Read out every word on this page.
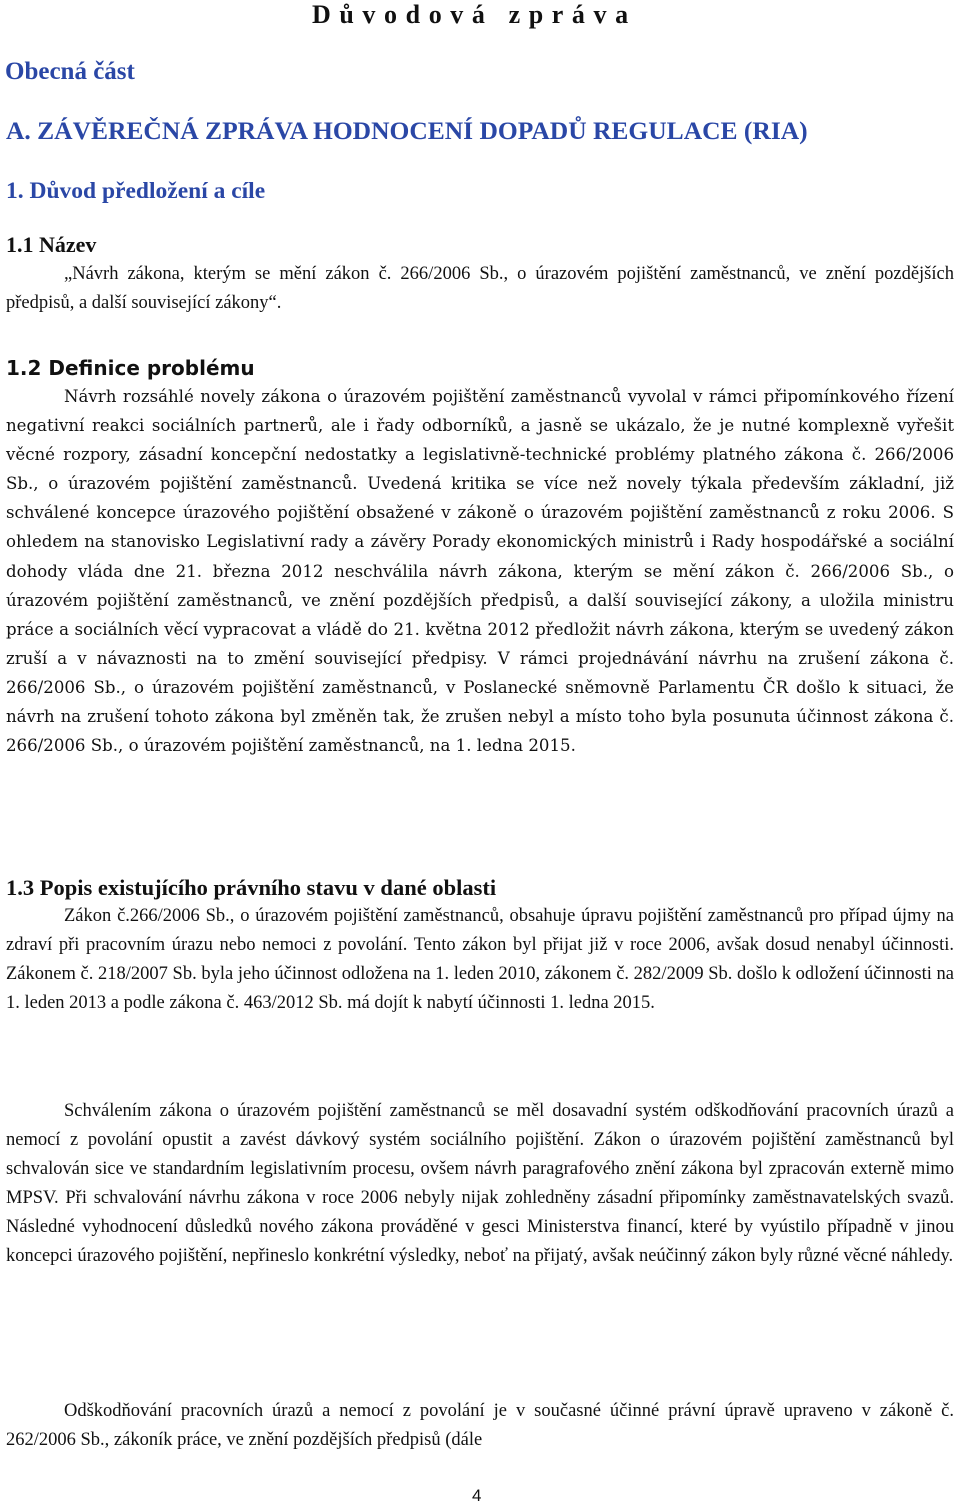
Důvodová zpráva
Obecná část
A. ZÁVĚREČNÁ ZPRÁVA HODNOCENÍ DOPADŮ REGULACE (RIA)
1. Důvod předložení a cíle
1.1 Název

„Návrh zákona, kterým se mění zákon č. 266/2006 Sb., o úrazovém pojištění zaměstnanců, ve znění pozdějších předpisů, a další související zákony“.

1.2 Definice problému

Návrh rozsáhlé novely zákona o úrazovém pojištění zaměstnanců vyvolal v rámci připomínkového řízení negativní reakci sociálních partnerů, ale i řady odborníků, a jasně se ukázalo, že je nutné komplexně vyřešit věcné rozpory, zásadní koncepční nedostatky a legislativně-technické problémy platného zákona č. 266/2006 Sb., o úrazovém pojištění zaměstnanců. Uvedená kritika se více než novely týkala především základní, již schválené koncepce úrazového pojištění obsažené v zákoně o úrazovém pojištění zaměstnanců z roku 2006. S ohledem na stanovisko Legislativní rady a závěry Porady ekonomických ministrů i Rady hospodářské a sociální dohody vláda dne 21. března 2012 neschválila návrh zákona, kterým se mění zákon č. 266/2006 Sb., o úrazovém pojištění zaměstnanců, ve znění pozdějších předpisů, a další související zákony, a uložila ministru práce a sociálních věcí vypracovat a vládě do 21. května 2012 předložit návrh zákona, kterým se uvedený zákon zruší a v návaznosti na to změní související předpisy. V rámci projednávání návrhu na zrušení zákona č. 266/2006 Sb., o úrazovém pojištění zaměstnanců, v Poslanecké sněmovně Parlamentu ČR došlo k situaci, že návrh na zrušení tohoto zákona byl změněn tak, že zrušen nebyl a místo toho byla posunuta účinnost zákona č. 266/2006 Sb., o úrazovém pojištění zaměstnanců, na 1. ledna 2015.

1.3 Popis existujícího právního stavu v dané oblasti

Zákon č.266/2006 Sb., o úrazovém pojištění zaměstnanců, obsahuje úpravu pojištění zaměstnanců pro případ újmy na zdraví při pracovním úrazu nebo nemoci z povolání. Tento zákon byl přijat již v roce 2006, avšak dosud nenabyl účinnosti. Zákonem č. 218/2007 Sb. byla jeho účinnost odložena na 1. leden 2010, zákonem č. 282/2009 Sb. došlo k odložení účinnosti na 1. leden 2013 a podle zákona č. 463/2012 Sb. má dojít k nabytí účinnosti 1. ledna 2015.

Schválením zákona o úrazovém pojištění zaměstnanců se měl dosavadní systém odškodňování pracovních úrazů a nemocí z povolání opustit a zavést dávkový systém sociálního pojištění. Zákon o úrazovém pojištění zaměstnanců byl schvalován sice ve standardním legislativním procesu, ovšem návrh paragrafového znění zákona byl zpracován externě mimo MPSV. Při schvalování návrhu zákona v roce 2006 nebyly nijak zohledněny zásadní připomínky zaměstnavatelských svazů. Následné vyhodnocení důsledků nového zákona prováděné v gesci Ministerstva financí, které by vyústilo případně v jinou koncepci úrazového pojištění, nepřineslo konkrétní výsledky, neboť na přijatý, avšak neúčinný zákon byly různé věcné náhledy.

Odškodňování pracovních úrazů a nemocí z povolání je v současné účinné právní úpravě upraveno v zákoně č. 262/2006 Sb., zákoník práce, ve znění pozdějších předpisů (dále

4
